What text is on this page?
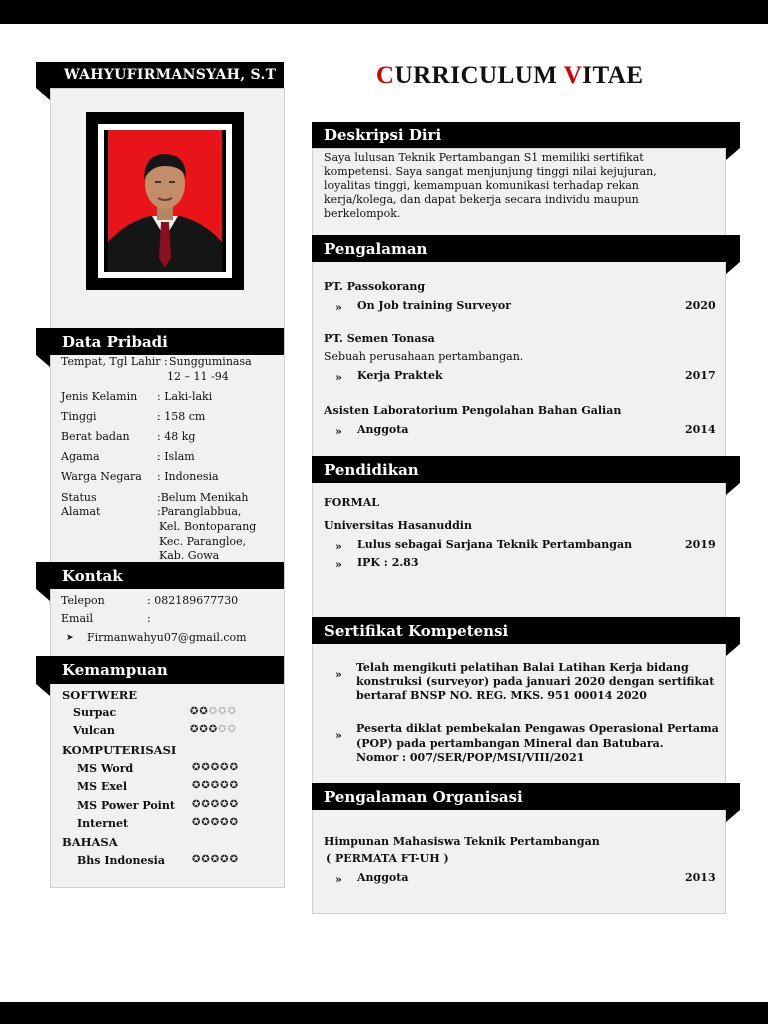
WAHYUFIRMANSYAH, S.T
Data Pribadi
Tempat, Tgl Lahir : Sungguminasa
12 – 11 -94
Jenis Kelamin : Laki-laki
Tinggi	: 158 cm
Berat badan : 48 kg
Agama	: Islam
Warga Negara : Indonesia
Status	:Belum Menikah
Alamat	:Paranglabbua,
Kel. Bontoparang
Kec. Parangloe,
Kab. Gowa
Kontak
Telepon	: 082189677730
Email	:
➤ Firmanwahyu07@gmail.com
Kemampuan
SOFTWERE
Surpac	✪✪✪✪✪
Vulcan	✪✪✪✪✪
KOMPUTERISASI
MS Word	✪✪✪✪✪
MS Exel	✪✪✪✪✪
MS Power Point ✪✪✪✪✪
Internet	✪✪✪✪✪
BAHASA
Bhs Indonesia	✪✪✪✪✪
CURRICULUM VITAE
Deskripsi Diri
Saya lulusan Teknik Pertambangan S1 memiliki sertifikat
kompetensi. Saya sangat menjunjung tinggi nilai kejujuran,
loyalitas tinggi, kemampuan komunikasi terhadap rekan
kerja/kolega, dan dapat bekerja secara individu maupun
berkelompok.
Pengalaman
PT. Passokorang
» On Job training Surveyor	2020
PT. Semen Tonasa
Sebuah perusahaan pertambangan.
» Kerja Praktek	2017
Asisten Laboratorium Pengolahan Bahan Galian
» Anggota	2014
Pendidikan
FORMAL
Universitas Hasanuddin
» Lulus sebagai Sarjana Teknik Pertambangan	2019
» IPK : 2.83
Sertifikat Kompetensi
»
Telah mengikuti pelatihan Balai Latihan Kerja bidang
konstruksi (surveyor) pada januari 2020 dengan sertifikat
bertaraf BNSP NO. REG. MKS. 951 00014 2020
»
Peserta diklat pembekalan Pengawas Operasional Pertama
(POP) pada pertambangan Mineral dan Batubara.
Nomor : 007/SER/POP/MSI/VIII/2021
Pengalaman Organisasi
Himpunan Mahasiswa Teknik Pertambangan
( PERMATA FT-UH )
» Anggota	2013
